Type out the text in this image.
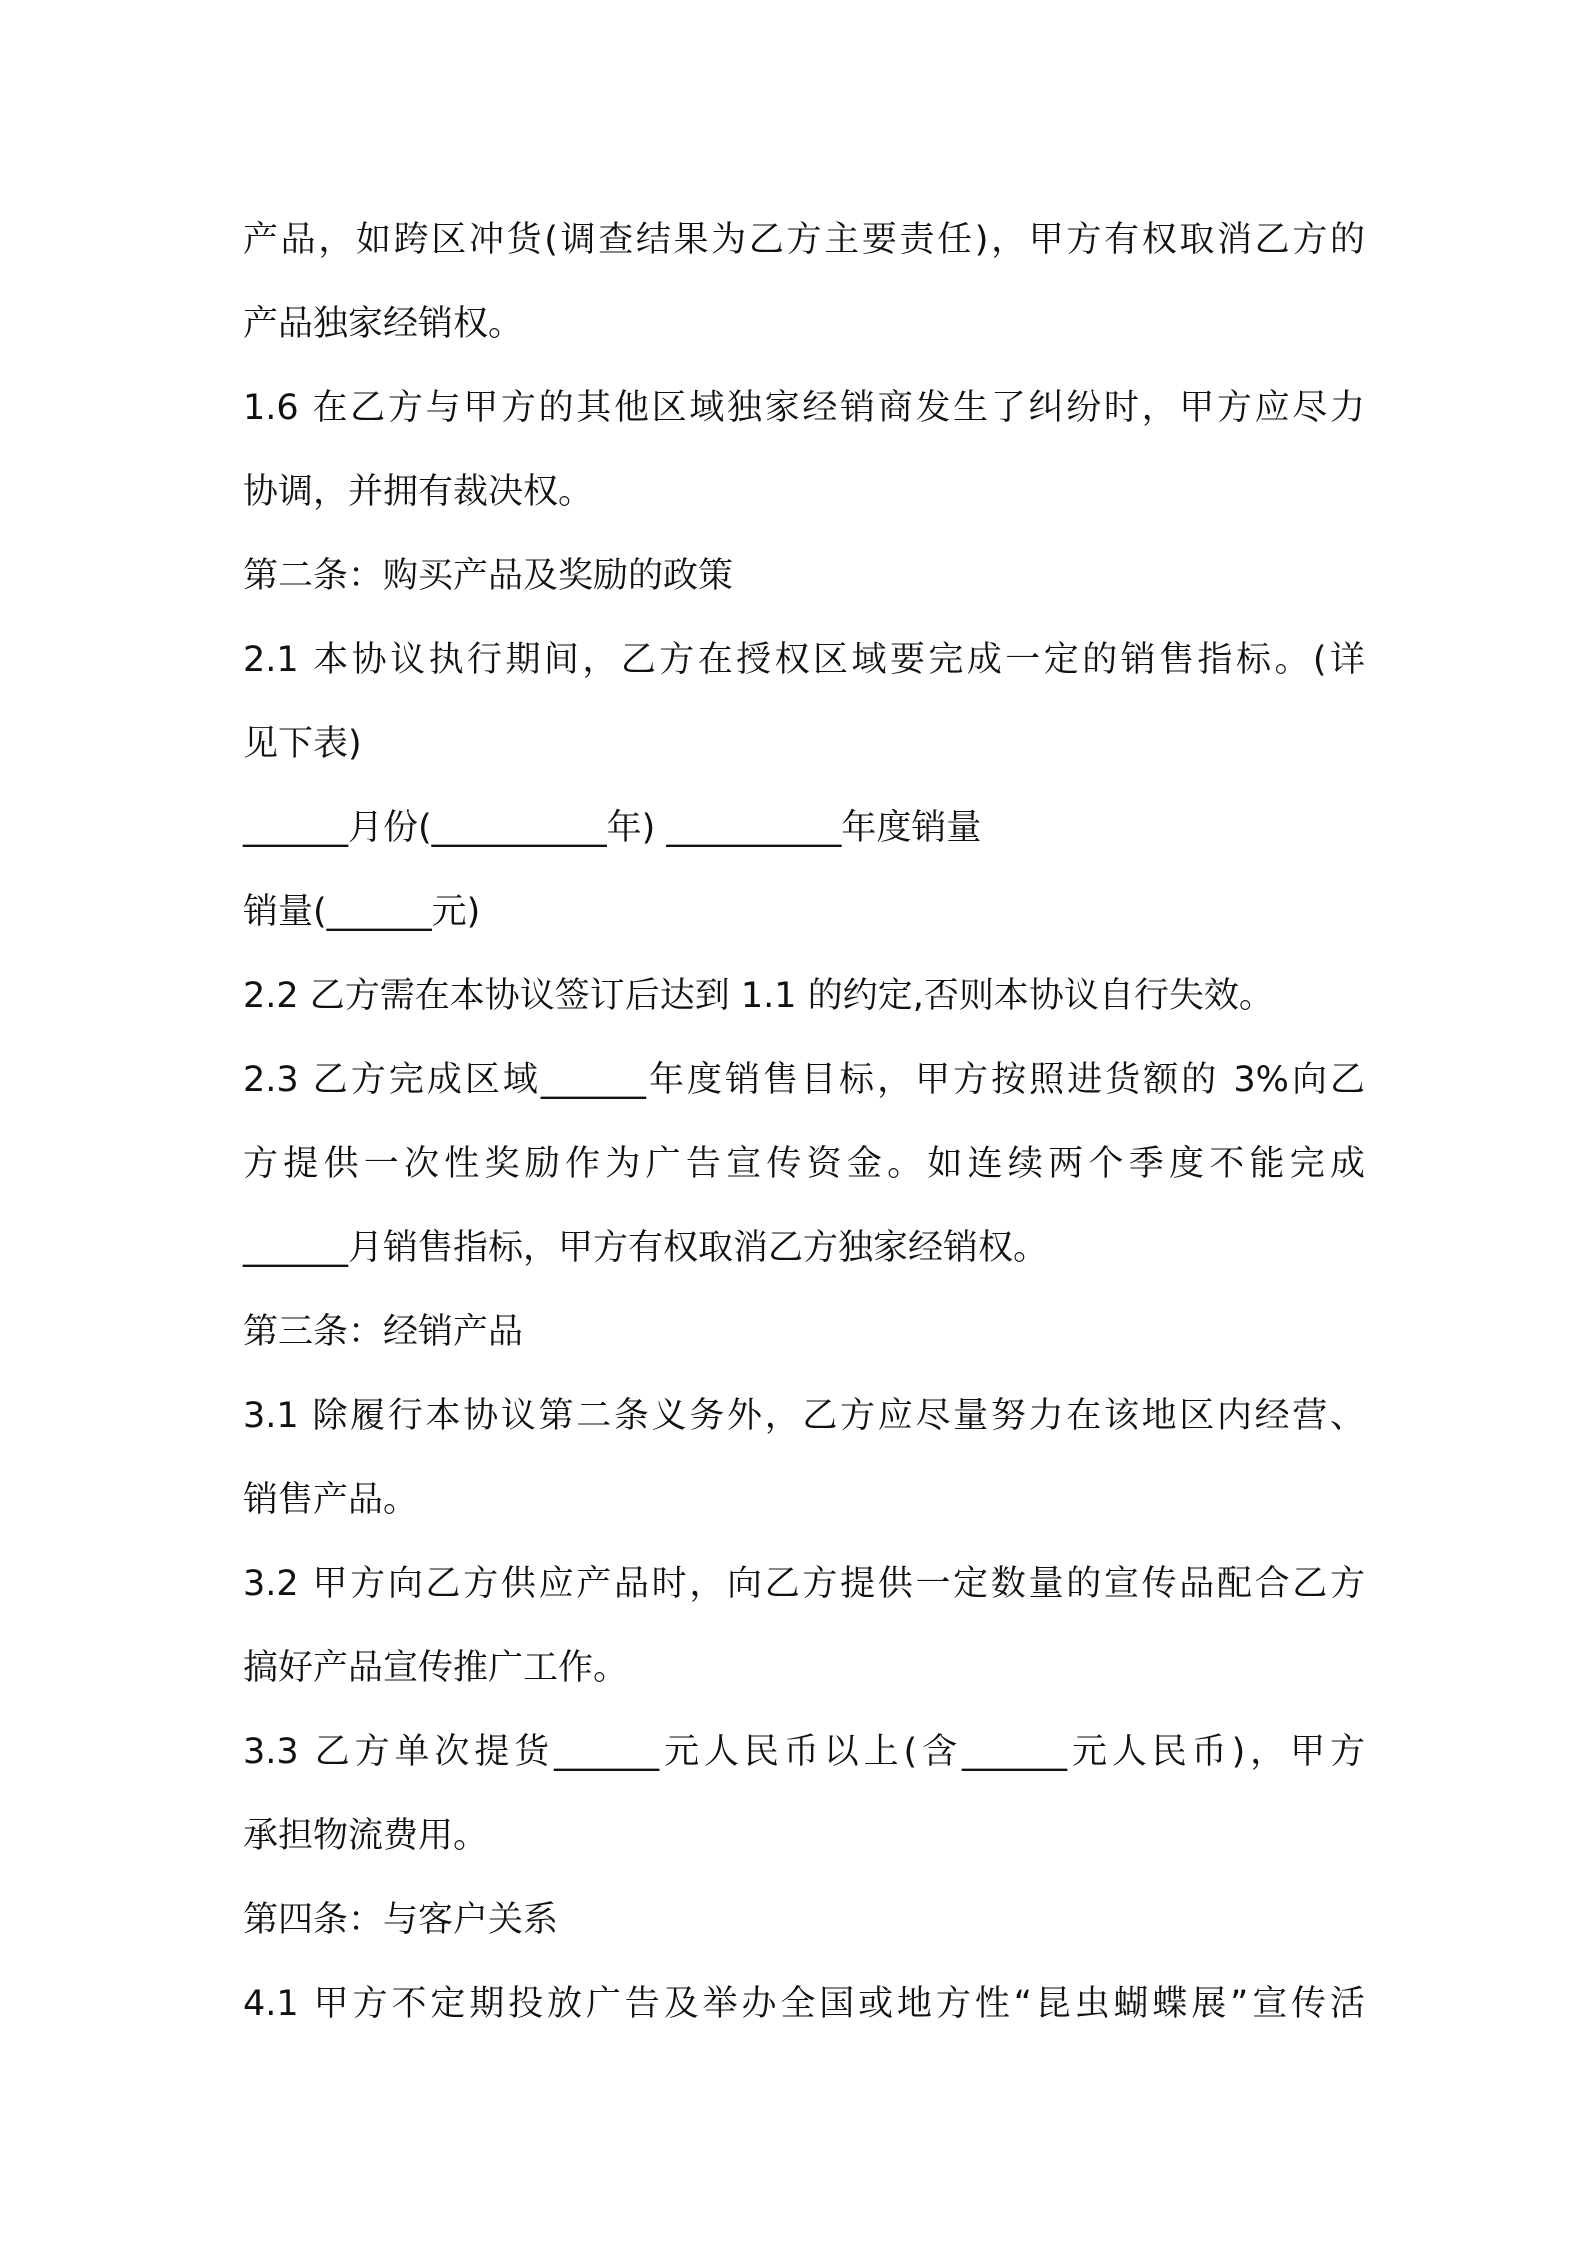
产品，如跨区冲货(调查结果为乙方主要责任)，甲方有权取消乙方的
产品独家经销权。
1.6 在乙方与甲方的其他区域独家经销商发生了纠纷时，甲方应尽力
协调，并拥有裁决权。
第二条：购买产品及奖励的政策
2.1 本协议执行期间，乙方在授权区域要完成一定的销售指标。(详
见下表)
______月份(__________年) __________年度销量
销量(______元)
2.2 乙方需在本协议签订后达到 1.1 的约定,否则本协议自行失效。
2.3 乙方完成区域______年度销售目标，甲方按照进货额的 3%向乙
方提供一次性奖励作为广告宣传资金。如连续两个季度不能完成
______月销售指标，甲方有权取消乙方独家经销权。
第三条：经销产品
3.1 除履行本协议第二条义务外，乙方应尽量努力在该地区内经营、
销售产品。
3.2 甲方向乙方供应产品时，向乙方提供一定数量的宣传品配合乙方
搞好产品宣传推广工作。
3.3 乙方单次提货______元人民币以上(含______元人民币)，甲方
承担物流费用。
第四条：与客户关系
4.1 甲方不定期投放广告及举办全国或地方性“昆虫蝴蝶展”宣传活
